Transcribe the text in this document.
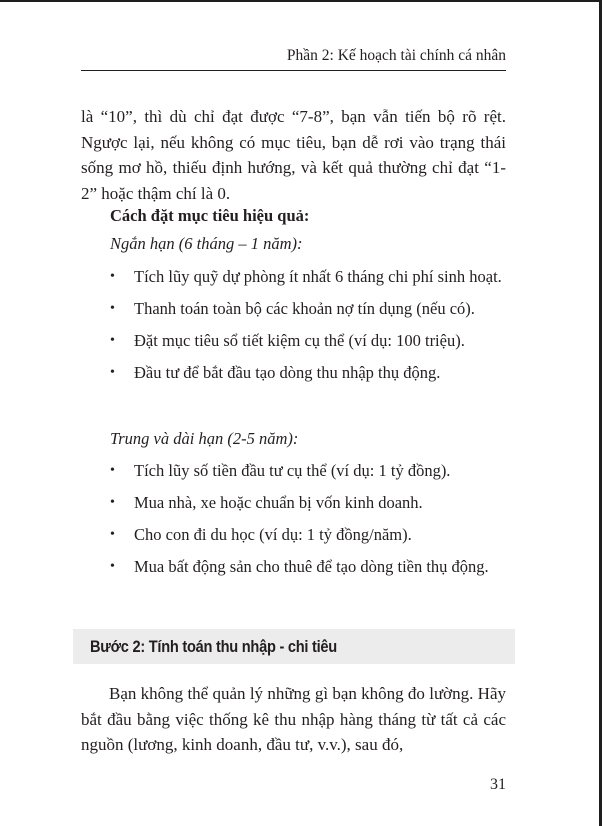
Phần 2: Kế hoạch tài chính cá nhân

là “10”, thì dù chỉ đạt được “7-8”, bạn vẫn tiến bộ rõ rệt. Ngược lại, nếu không có mục tiêu, bạn dễ rơi vào trạng thái sống mơ hồ, thiếu định hướng, và kết quả thường chỉ đạt “1-2” hoặc thậm chí là 0.

Cách đặt mục tiêu hiệu quả:
Ngắn hạn (6 tháng – 1 năm):
•	Tích lũy quỹ dự phòng ít nhất 6 tháng chi phí sinh hoạt.
•	Thanh toán toàn bộ các khoản nợ tín dụng (nếu có).
•	Đặt mục tiêu sổ tiết kiệm cụ thể (ví dụ: 100 triệu).
•	Đầu tư để bắt đầu tạo dòng thu nhập thụ động.
Trung và dài hạn (2-5 năm):
•	Tích lũy số tiền đầu tư cụ thể (ví dụ: 1 tỷ đồng).
•	Mua nhà, xe hoặc chuẩn bị vốn kinh doanh.
•	Cho con đi du học (ví dụ: 1 tỷ đồng/năm).
•	Mua bất động sản cho thuê để tạo dòng tiền thụ động.
Bước 2: Tính toán thu nhập - chi tiêu

Bạn không thể quản lý những gì bạn không đo lường. Hãy bắt đầu bằng việc thống kê thu nhập hàng tháng từ tất cả các nguồn (lương, kinh doanh, đầu tư, v.v.), sau đó,

31
